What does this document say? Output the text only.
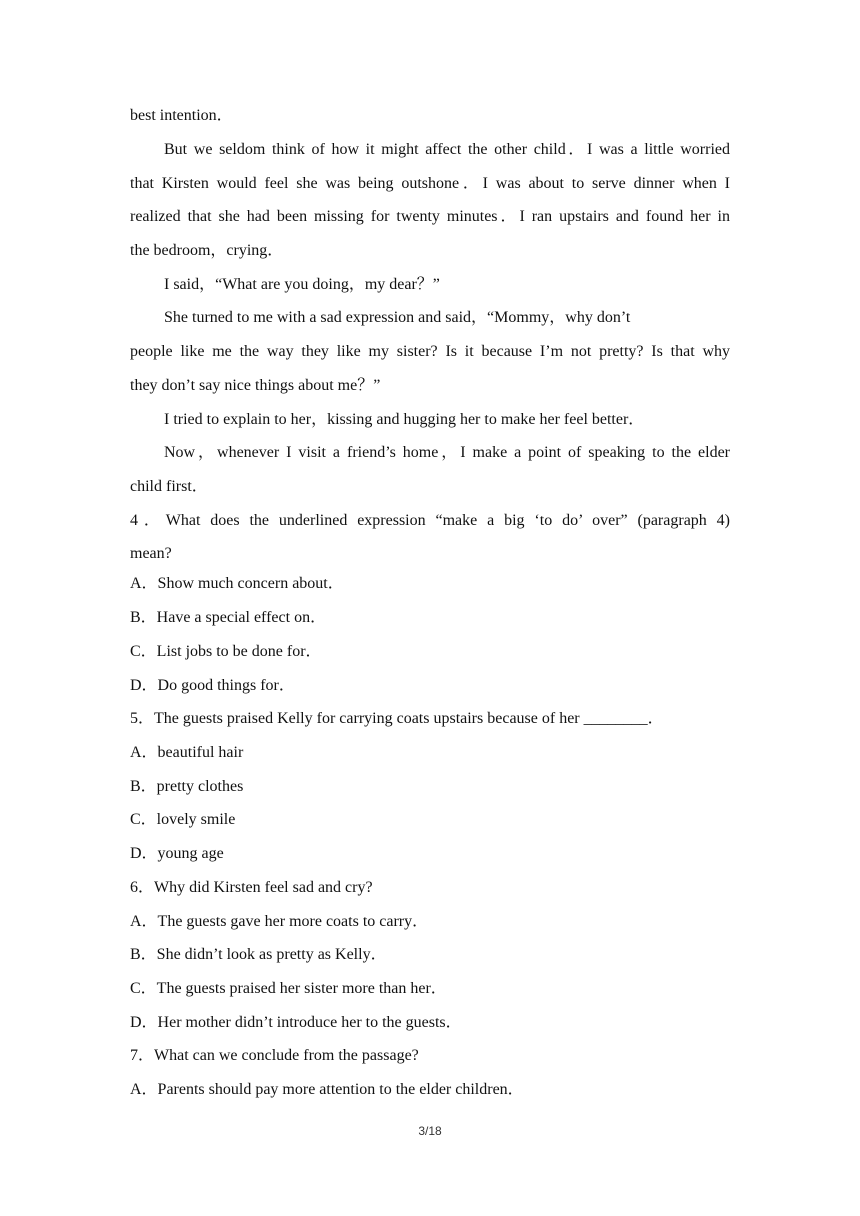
best intention．
But we seldom think of how it might affect the other child．I was a little worried
that Kirsten would feel she was being outshone．I was about to serve dinner when I
realized that she had been missing for twenty minutes．I ran upstairs and found her in
the bedroom，crying．
I said，“What are you doing，my dear？”
She turned to me with a sad expression and said，“Mommy，why don’t
people like me the way they like my sister? Is it because I’m not pretty? Is that why
they don’t say nice things about me？”
I tried to explain to her，kissing and hugging her to make her feel better．
Now，whenever I visit a friend’s home，I make a point of speaking to the elder
child first．
4．What does the underlined expression “make a big ‘to do’ over” (paragraph 4)
mean?
A．Show much concern about．
B．Have a special effect on．
C．List jobs to be done for．
D．Do good things for．
5．The guests praised Kelly for carrying coats upstairs because of her ________．
A．beautiful hair
B．pretty clothes
C．lovely smile
D．young age
6．Why did Kirsten feel sad and cry?
A．The guests gave her more coats to carry．
B．She didn’t look as pretty as Kelly．
C．The guests praised her sister more than her．
D．Her mother didn’t introduce her to the guests．
7．What can we conclude from the passage?
A．Parents should pay more attention to the elder children．
3/18
